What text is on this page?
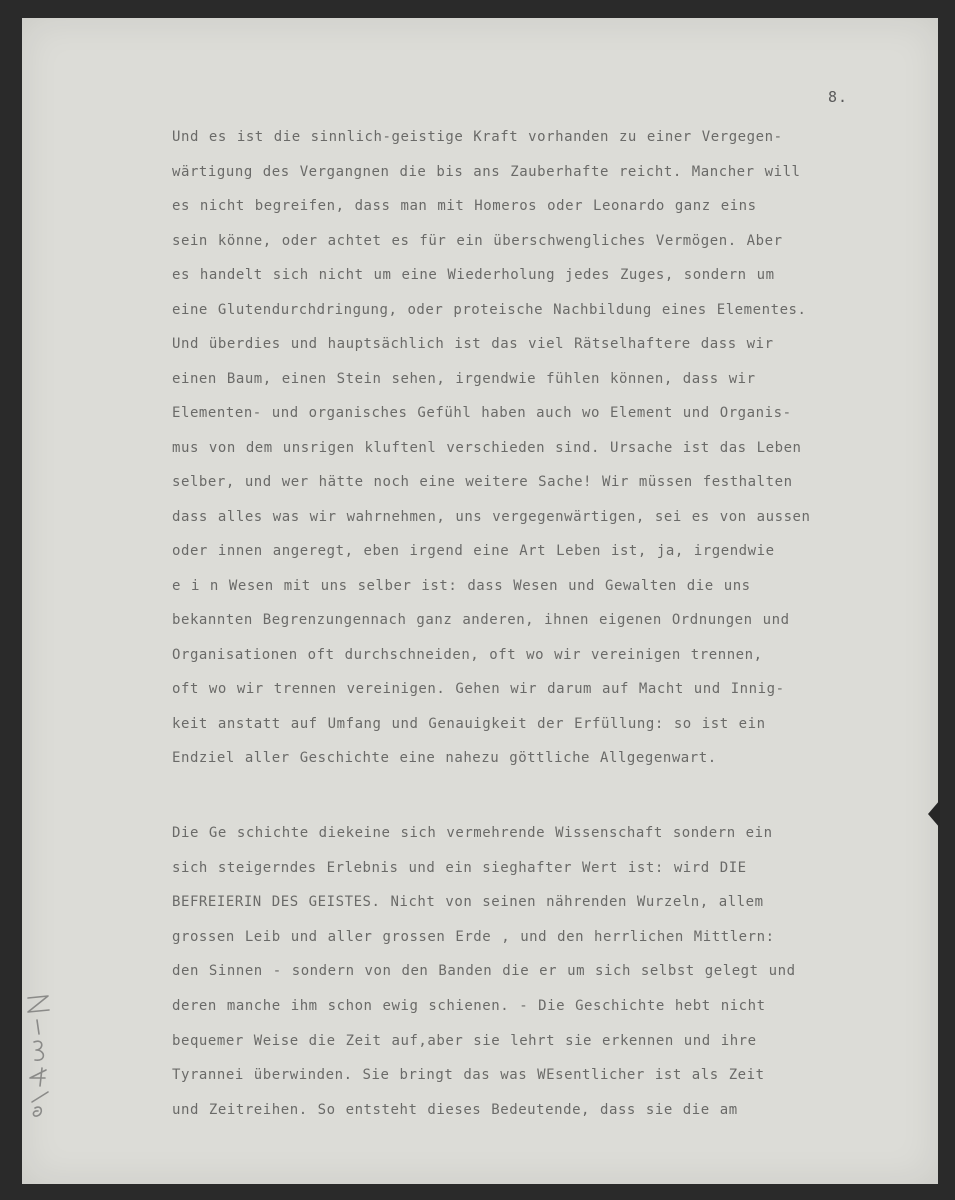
8.
Und es ist die sinnlich-geistige Kraft vorhanden zu einer Vergegen-
wärtigung des Vergangnen die bis ans Zauberhafte reicht. Mancher will
es nicht begreifen, dass man mit Homeros oder Leonardo ganz eins
sein könne, oder achtet es für ein überschwengliches Vermögen. Aber
es handelt sich nicht um eine Wiederholung jedes Zuges, sondern um
eine Glutendurchdringung, oder proteische Nachbildung eines Elementes.
Und überdies und hauptsächlich ist das viel Rätselhaftere dass wir
einen Baum, einen Stein sehen, irgendwie fühlen können, dass wir
Elementen- und organisches Gefühl haben auch wo Element und Organis-
mus von dem unsrigen kluftenl verschieden sind. Ursache ist das Leben
selber, und wer hätte noch eine weitere Sache! Wir müssen festhalten
dass alles was wir wahrnehmen, uns vergegenwärtigen, sei es von aussen
oder innen angeregt, eben irgend eine Art Leben ist, ja, irgendwie
e i n Wesen mit uns selber ist: dass Wesen und Gewalten die uns
bekannten Begrenzungennach ganz anderen, ihnen eigenen Ordnungen und
Organisationen oft durchschneiden, oft wo wir vereinigen trennen,
oft wo wir trennen vereinigen. Gehen wir darum auf Macht und Innig-
keit anstatt auf Umfang und Genauigkeit der Erfüllung: so ist ein
Endziel aller Geschichte eine nahezu göttliche Allgegenwart.
Die Ge schichte diekeine sich vermehrende Wissenschaft sondern ein
sich steigerndes Erlebnis und ein sieghafter Wert ist: wird DIE
BEFREIERIN DES GEISTES. Nicht von seinen nährenden Wurzeln, allem
grossen Leib und aller grossen Erde , und den herrlichen Mittlern:
den Sinnen - sondern von den Banden die er um sich selbst gelegt und
deren manche ihm schon ewig schienen. - Die Geschichte hebt nicht
bequemer Weise die Zeit auf,aber sie lehrt sie erkennen und ihre
Tyrannei überwinden. Sie bringt das was WEsentlicher ist als Zeit
und Zeitreihen. So entsteht dieses Bedeutende, dass sie die am
